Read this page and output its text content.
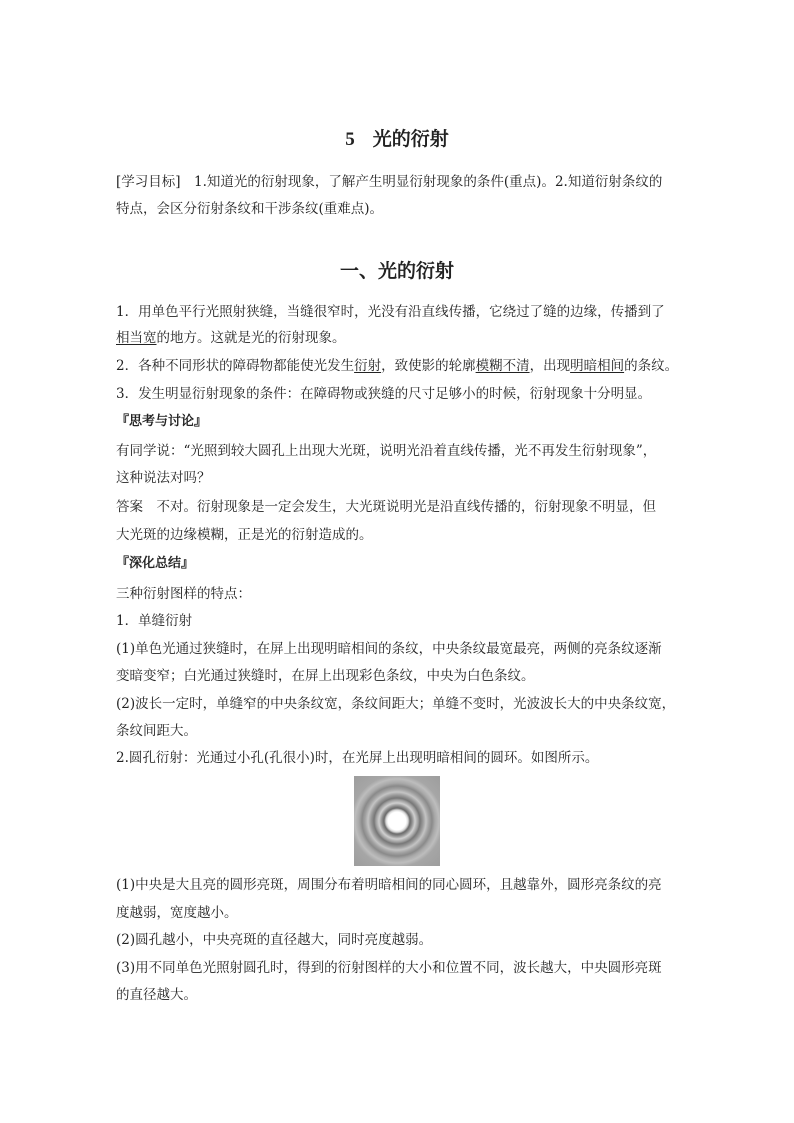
5 光的衍射
[学习目标]　1.知道光的衍射现象，了解产生明显衍射现象的条件(重点)。2.知道衍射条纹的
特点，会区分衍射条纹和干涉条纹(重难点)。
一、光的衍射
1．用单色平行光照射狭缝，当缝很窄时，光没有沿直线传播，它绕过了缝的边缘，传播到了
相当宽的地方。这就是光的衍射现象。
2．各种不同形状的障碍物都能使光发生衍射，致使影的轮廓模糊不清，出现明暗相间的条纹。
3．发生明显衍射现象的条件：在障碍物或狭缝的尺寸足够小的时候，衍射现象十分明显。
『思考与讨论』
有同学说：“光照到较大圆孔上出现大光斑，说明光沿着直线传播，光不再发生衍射现象”，
这种说法对吗？
答案　不对。衍射现象是一定会发生，大光斑说明光是沿直线传播的，衍射现象不明显，但
大光斑的边缘模糊，正是光的衍射造成的。
『深化总结』
三种衍射图样的特点：
1．单缝衍射
(1)单色光通过狭缝时，在屏上出现明暗相间的条纹，中央条纹最宽最亮，两侧的亮条纹逐渐
变暗变窄；白光通过狭缝时，在屏上出现彩色条纹，中央为白色条纹。
(2)波长一定时，单缝窄的中央条纹宽，条纹间距大；单缝不变时，光波波长大的中央条纹宽，
条纹间距大。
2.圆孔衍射：光通过小孔(孔很小)时，在光屏上出现明暗相间的圆环。如图所示。
(1)中央是大且亮的圆形亮斑，周围分布着明暗相间的同心圆环，且越靠外，圆形亮条纹的亮
度越弱，宽度越小。
(2)圆孔越小，中央亮斑的直径越大，同时亮度越弱。
(3)用不同单色光照射圆孔时，得到的衍射图样的大小和位置不同，波长越大，中央圆形亮斑
的直径越大。
